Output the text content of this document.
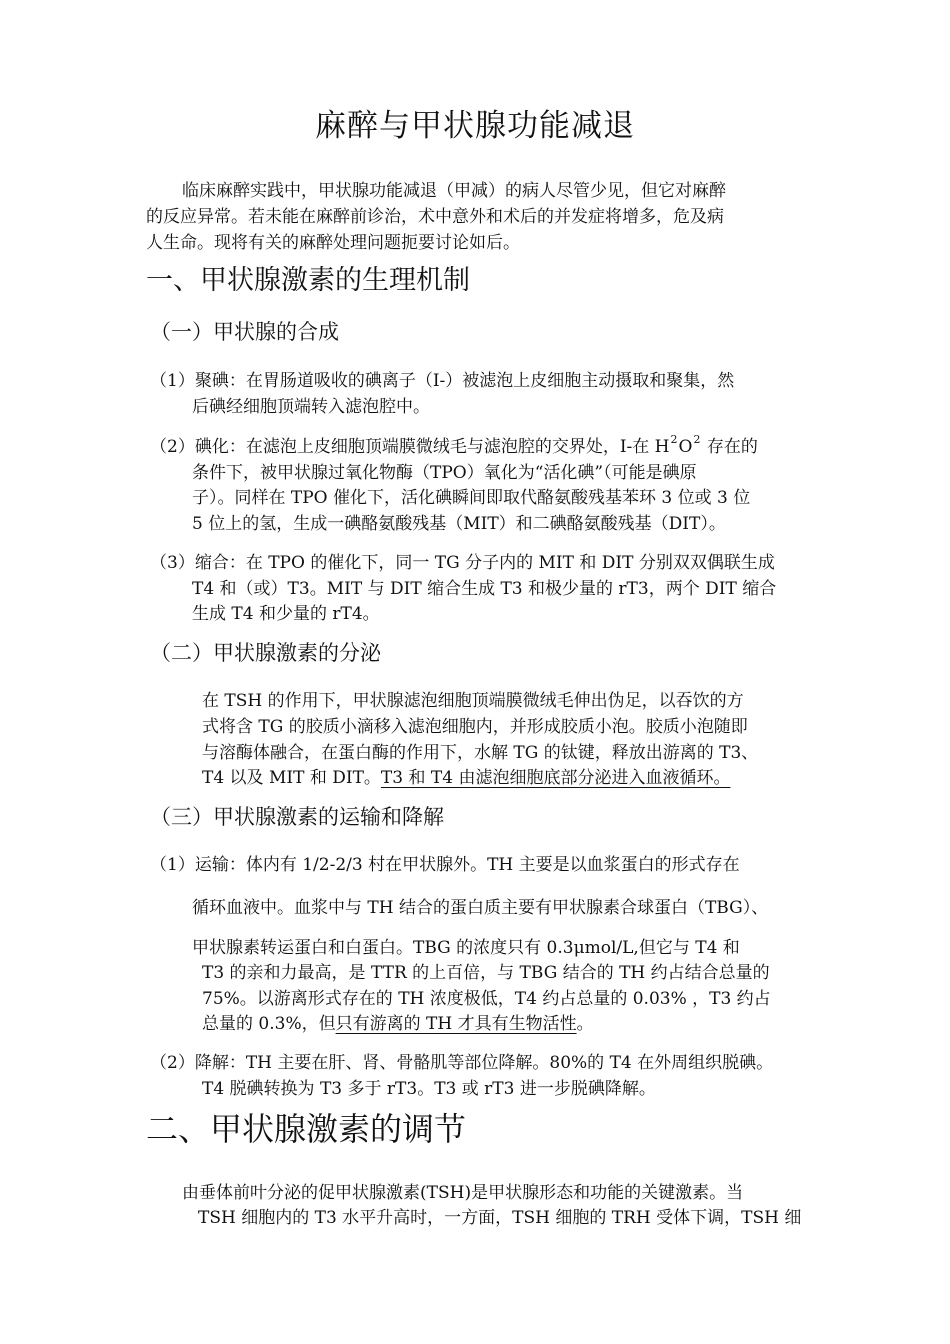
麻醉与甲状腺功能减退
临床麻醉实践中，甲状腺功能减退（甲减）的病人尽管少见，但它对麻醉
的反应异常。若未能在麻醉前诊治，术中意外和术后的并发症将增多，危及病
人生命。现将有关的麻醉处理问题扼要讨论如后。
一、甲状腺激素的生理机制
（一）甲状腺的合成
（1）聚碘：在胃肠道吸收的碘离子（I-）被滤泡上皮细胞主动摄取和聚集，然
后碘经细胞顶端转入滤泡腔中。
（2）碘化：在滤泡上皮细胞顶端膜微绒毛与滤泡腔的交界处，I-在 $H^2O^2$ 存在的
条件下，被甲状腺过氧化物酶（TPO）氧化为“活化碘”（可能是碘原
子）。同样在 TPO 催化下，活化碘瞬间即取代酪氨酸残基苯环 3 位或 3 位
5 位上的氢，生成一碘酪氨酸残基（MIT）和二碘酪氨酸残基（DIT）。
（3）缩合：在 TPO 的催化下，同一 TG 分子内的 MIT 和 DIT 分别双双偶联生成
T4 和（或）T3。MIT 与 DIT 缩合生成 T3 和极少量的 rT3，两个 DIT 缩合
生成 T4 和少量的 rT4。
（二）甲状腺激素的分泌
在 TSH 的作用下，甲状腺滤泡细胞顶端膜微绒毛伸出伪足，以吞饮的方
式将含 TG 的胶质小滴移入滤泡细胞内，并形成胶质小泡。胶质小泡随即
与溶酶体融合，在蛋白酶的作用下，水解 TG 的钛键，释放出游离的 T3、
T4 以及 MIT 和 DIT。T3 和 T4 由滤泡细胞底部分泌进入血液循环。
（三）甲状腺激素的运输和降解
（1）运输：体内有 1/2-2/3 村在甲状腺外。TH 主要是以血浆蛋白的形式存在
循环血液中。血浆中与 TH 结合的蛋白质主要有甲状腺素合球蛋白（TBG）、
甲状腺素转运蛋白和白蛋白。TBG 的浓度只有 0.3μmol/L,但它与 T4 和
T3 的亲和力最高，是 TTR 的上百倍，与 TBG 结合的 TH 约占结合总量的
75%。以游离形式存在的 TH 浓度极低，T4 约占总量的 0.03% ，T3 约占
总量的 0.3%，但只有游离的 TH 才具有生物活性。
（2）降解：TH 主要在肝、肾、骨骼肌等部位降解。80%的 T4 在外周组织脱碘。
T4 脱碘转换为 T3 多于 rT3。T3 或 rT3 进一步脱碘降解。
二、甲状腺激素的调节
由垂体前叶分泌的促甲状腺激素(TSH)是甲状腺形态和功能的关键激素。当
TSH 细胞内的 T3 水平升高时，一方面，TSH 细胞的 TRH 受体下调，TSH 细
